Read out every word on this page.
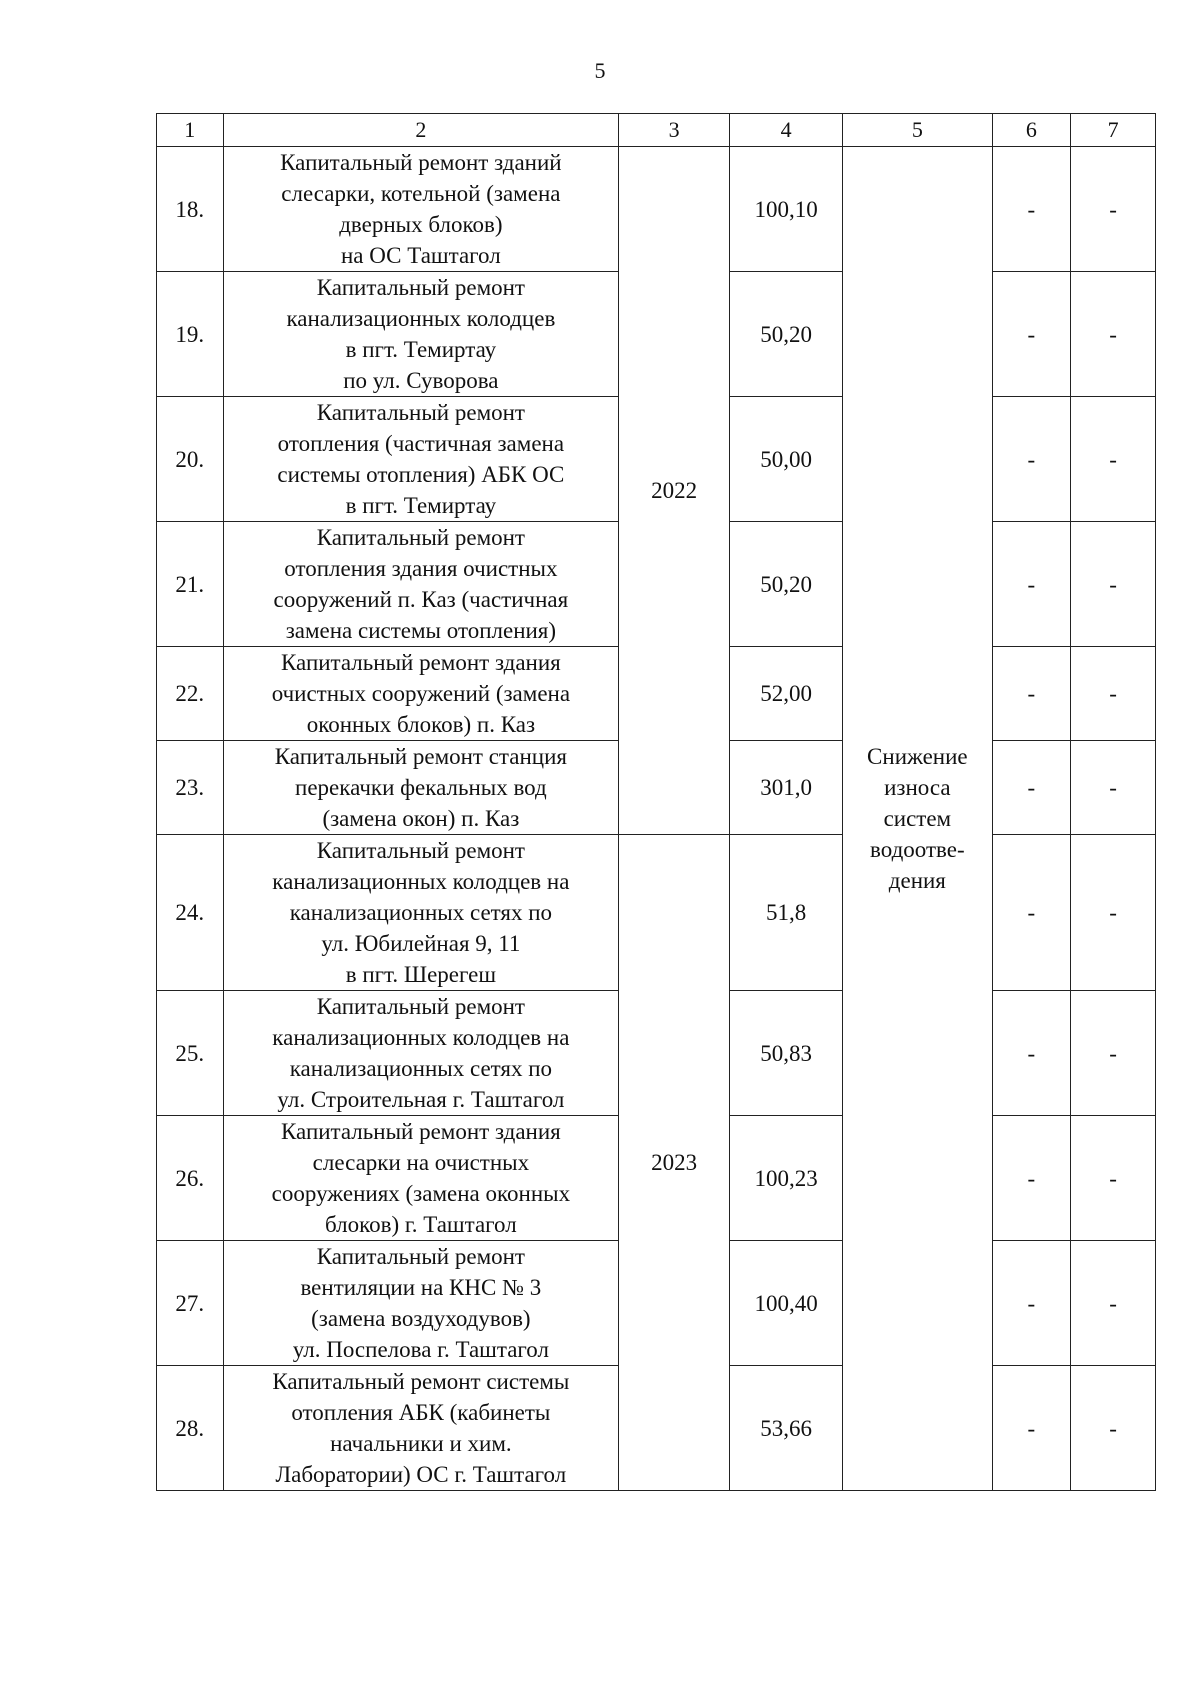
5
1	2	3	4	5	6	7
18.	Капитальный ремонт зданий
слесарки, котельной (замена
дверных блоков)
на ОС Таштагол	2022	100,10	Снижение
износа
систем
водоотве-
дения	-	-
19.	Капитальный ремонт
канализационных колодцев
в пгт. Темиртау
по ул. Суворова		50,20		-	-
20.	Капитальный ремонт
отопления (частичная замена
системы отопления) АБК ОС
в пгт. Темиртау		50,00		-	-
21.	Капитальный ремонт
отопления здания очистных
сооружений п. Каз (частичная
замена системы отопления)		50,20		-	-
22.	Капитальный ремонт здания
очистных сооружений (замена
оконных блоков) п. Каз		52,00		-	-
23.	Капитальный ремонт станция
перекачки фекальных вод
(замена окон) п. Каз		301,0		-	-
24.	Капитальный ремонт
канализационных колодцев на
канализационных сетях по
ул. Юбилейная 9, 11
в пгт. Шерегеш	2023	51,8		-	-
25.	Капитальный ремонт
канализационных колодцев на
канализационных сетях по
ул. Строительная г. Таштагол		50,83		-	-
26.	Капитальный ремонт здания
слесарки на очистных
сооружениях (замена оконных
блоков) г. Таштагол		100,23		-	-
27.	Капитальный ремонт
вентиляции на КНС № 3
(замена воздуходувов)
ул. Поспелова г. Таштагол		100,40		-	-
28.	Капитальный ремонт системы
отопления АБК (кабинеты
начальники и хим.
Лаборатории) ОС г. Таштагол		53,66		-	-
